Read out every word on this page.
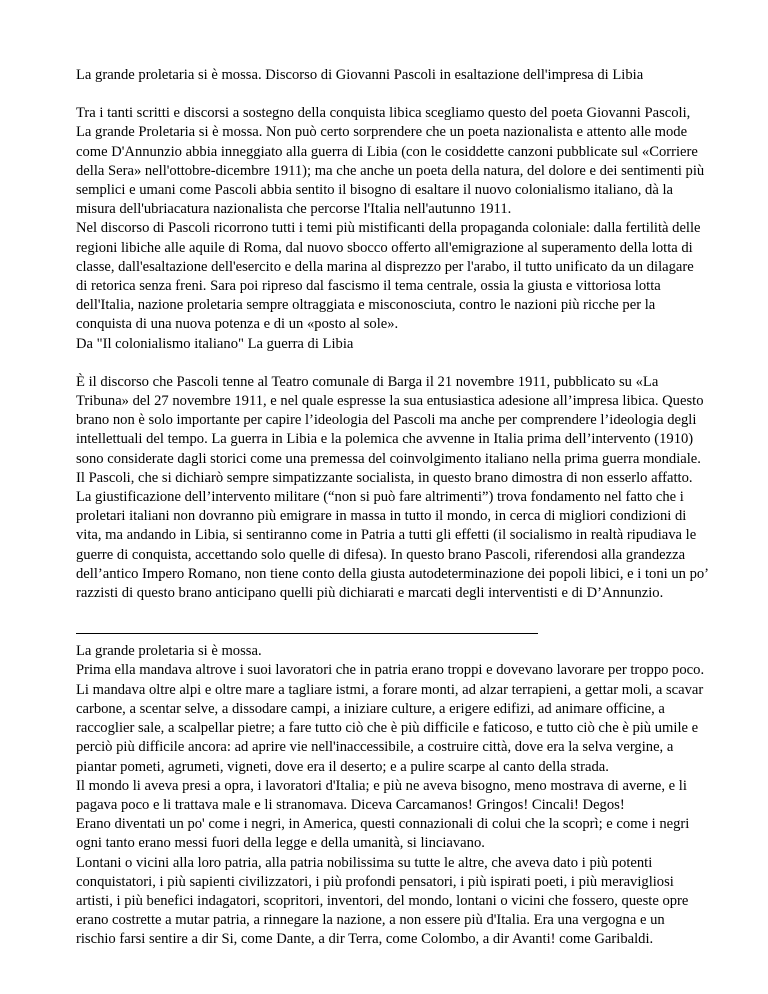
La grande proletaria si è mossa. Discorso di Giovanni Pascoli in esaltazione dell'impresa di Libia

Tra i tanti scritti e discorsi a sostegno della conquista libica scegliamo questo del poeta Giovanni Pascoli, La grande Proletaria si è mossa. Non può certo sorprendere che un poeta nazionalista e attento alle mode come D'Annunzio abbia inneggiato alla guerra di Libia (con le cosiddette canzoni pubblicate sul «Corriere della Sera» nell'ottobre-dicembre 1911); ma che anche un poeta della natura, del dolore e dei sentimenti più semplici e umani come Pascoli abbia sentito il bisogno di esaltare il nuovo colonialismo italiano, dà la misura dell'ubriacatura nazionalista che percorse l'Italia nell'autunno 1911.

Nel discorso di Pascoli ricorrono tutti i temi più mistificanti della propaganda coloniale: dalla fertilità delle regioni libiche alle aquile di Roma, dal nuovo sbocco offerto all'emigrazione al superamento della lotta di classe, dall'esaltazione dell'esercito e della marina al disprezzo per l'arabo, il tutto unificato da un dilagare di retorica senza freni. Sara poi ripreso dal fascismo il tema centrale, ossia la giusta e vittoriosa lotta dell'Italia, nazione proletaria sempre oltraggiata e misconosciuta, contro le nazioni più ricche per la conquista di una nuova potenza e di un «posto al sole».

Da "Il colonialismo italiano" La guerra di Libia

È il discorso che Pascoli tenne al Teatro comunale di Barga il 21 novembre 1911, pubblicato su «La Tribuna» del 27 novembre 1911, e nel quale espresse la sua entusiastica adesione all’impresa libica. Questo brano non è solo importante per capire l’ideologia del Pascoli ma anche per comprendere l’ideologia degli intellettuali del tempo. La guerra in Libia e la polemica che avvenne in Italia prima dell’intervento (1910) sono considerate dagli storici come una premessa del coinvolgimento italiano nella prima guerra mondiale. Il Pascoli, che si dichiarò sempre simpatizzante socialista, in questo brano dimostra di non esserlo affatto. La giustificazione dell’intervento militare (“non si può fare altrimenti”) trova fondamento nel fatto che i proletari italiani non dovranno più emigrare in massa in tutto il mondo, in cerca di migliori condizioni di vita, ma andando in Libia, si sentiranno come in Patria a tutti gli effetti (il socialismo in realtà ripudiava le guerre di conquista, accettando solo quelle di difesa). In questo brano Pascoli, riferendosi alla grandezza dell’antico Impero Romano, non tiene conto della giusta autodeterminazione dei popoli libici, e i toni un po’ razzisti di questo brano anticipano quelli più dichiarati e marcati degli interventisti e di D’Annunzio.

La grande proletaria si è mossa.

Prima ella mandava altrove i suoi lavoratori che in patria erano troppi e dovevano lavorare per troppo poco. Li mandava oltre alpi e oltre mare a tagliare istmi, a forare monti, ad alzar terrapieni, a gettar moli, a scavar carbone, a scentar selve, a dissodare campi, a iniziare culture, a erigere edifizi, ad animare officine, a raccoglier sale, a scalpellar pietre; a fare tutto ciò che è più difficile e faticoso, e tutto ciò che è più umile e perciò più difficile ancora: ad aprire vie nell'inaccessibile, a costruire città, dove era la selva vergine, a piantar pometi, agrumeti, vigneti, dove era il deserto; e a pulire scarpe al canto della strada.

Il mondo li aveva presi a opra, i lavoratori d'Italia; e più ne aveva bisogno, meno mostrava di averne, e li pagava poco e li trattava male e li stranomava. Diceva Carcamanos! Gringos! Cincali! Degos!

Erano diventati un po' come i negri, in America, questi connazionali di colui che la scoprì; e come i negri ogni tanto erano messi fuori della legge e della umanità, si linciavano.

Lontani o vicini alla loro patria, alla patria nobilissima su tutte le altre, che aveva dato i più potenti conquistatori, i più sapienti civilizzatori, i più profondi pensatori, i più ispirati poeti, i più meravigliosi artisti, i più benefici indagatori, scopritori, inventori, del mondo, lontani o vicini che fossero, queste opre erano costrette a mutar patria, a rinnegare la nazione, a non essere più d'Italia. Era una vergogna e un rischio farsi sentire a dir Si, come Dante, a dir Terra, come Colombo, a dir Avanti! come Garibaldi.
